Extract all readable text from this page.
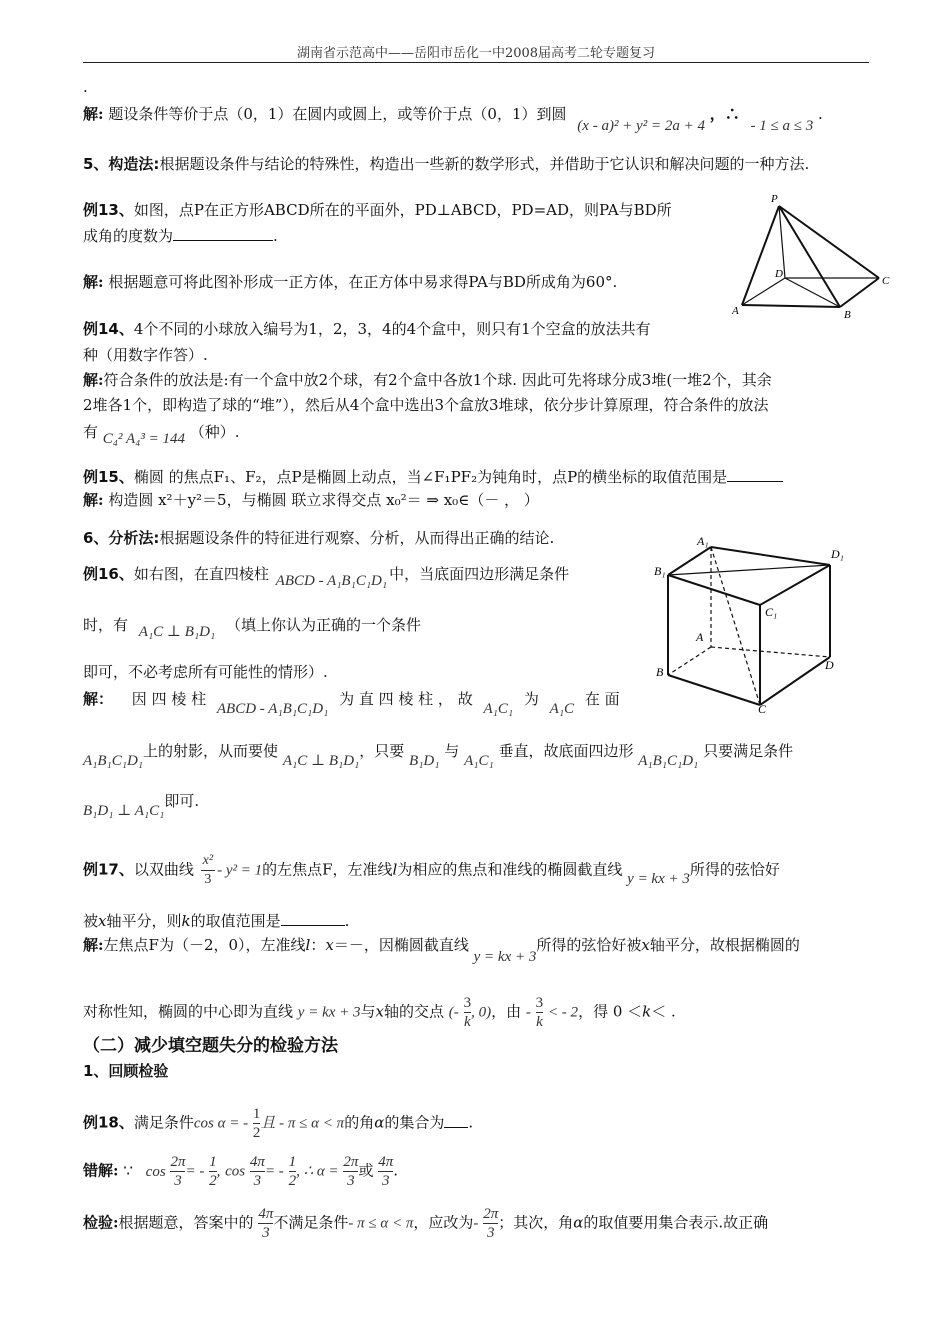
湖南省示范高中——岳阳市岳化一中2008届高考二轮专题复习
.
解: 题设条件等价于点（0，1）在圆内或圆上，或等价于点（0，1）到圆 (x - a)² + y² = 2a + 4 ，∴ - 1 ≤ a ≤ 3 .
5、构造法:根据题设条件与结论的特殊性，构造出一些新的数学形式，并借助于它认识和解决问题的一种方法.
例13、如图，点P在正方形ABCD所在的平面外，PD⊥ABCD，PD=AD，则PA与BD所
成角的度数为	.
解: 根据题意可将此图补形成一正方体，在正方体中易求得PA与BD所成角为60°.
P
D
C
A	B
例14、4个不同的小球放入编号为1，2，3，4的4个盒中，则只有1个空盒的放法共有
种（用数字作答）.
解:符合条件的放法是:有一个盒中放2个球，有2个盒中各放1个球. 因此可先将球分成3堆(一堆2个，其余
2堆各1个，即构造了球的“堆”），然后从4个盒中选出3个盒放3堆球，依分步计算原理，符合条件的放法
有 C₄² A₄³ = 144 （种）.
例15、椭圆 的焦点F₁、F₂，点P是椭圆上动点，当∠F₁PF₂为钝角时，点P的横坐标的取值范围是
解: 构造圆 x²＋y²＝5，与椭圆 联立求得交点 x₀²＝ ⇒ x₀∈（－ ， ）
6、分析法:根据题设条件的特征进行观察、分析，从而得出正确的结论.
例16、如右图，在直四棱柱 ABCD - A₁B₁C₁D₁ 中，当底面四边形满足条件
时，有 A₁C ⊥ B₁D₁ （填上你认为正确的一个条件
即可，不必考虑所有可能性的情形）.
解： 因 四 棱 柱 ABCD - A₁B₁C₁D₁ 为 直 四 棱 柱 ， 故 A₁C₁ 为 A₁C 在 面
A₁B₁C₁D₁上的射影，从而要使 A₁C ⊥ B₁D₁，只要 B₁D₁ 与 A₁C₁ 垂直，故底面四边形 A₁B₁C₁D₁ 只要满足条件
B₁D₁ ⊥ A₁C₁即可.
A₁
D₁
B₁
C₁
A
B	D
C
例17、以双曲线 $\frac{\text{x²}}{3} - y^2 = 1$的左焦点F，左准线l为相应的焦点和准线的椭圆截直线 y = kx + 3所得的弦恰好
被x轴平分，则k的取值范围是	.
解:左焦点F为（－2，0），左准线l：x＝－，因椭圆截直线 y = kx + 3所得的弦恰好被x轴平分，故根据椭圆的
对称性知，椭圆的中心即为直线 y = kx + 3与x轴的交点 (- $\frac{3}{k}$ , 0)，由 - $\frac{3}{k}$ < - 2，得 0 ＜k＜ .
（二）减少填空题失分的检验方法
1、回顾检验
例18、满足条件cos α = - $\frac{1}{2}$ 且 - π ≤ α < π的角α的集合为 .
错解: ∵ $\cos \frac{2\pi}{3}$ = - $\frac{1}{2}$ , $\cos \frac{4\pi}{3}$ = - $\frac{1}{2}$ , ∴ $\alpha = \frac{2\pi}{3}$ 或 $\frac{4\pi}{3}$ .
检验:根据题意，答案中的 $\frac{4\pi}{3}$ 不满足条件- π ≤ α < π，应改为- $\frac{2\pi}{3}$ ；其次，角α的取值要用集合表示.故正确
